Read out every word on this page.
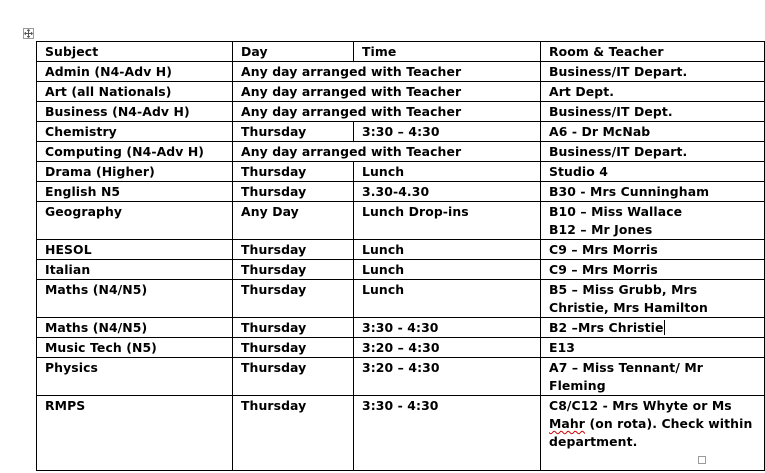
Subject	Day	Time	Room & Teacher
Admin (N4-Adv H)	Any day arranged with Teacher		Business/IT Depart.
Art (all Nationals)	Any day arranged with Teacher		Art Dept.
Business (N4-Adv H)	Any day arranged with Teacher		Business/IT Dept.
Chemistry	Thursday	3:30 – 4:30	A6 - Dr McNab
Computing (N4-Adv H)	Any day arranged with Teacher		Business/IT Depart.
Drama (Higher)	Thursday	Lunch	Studio 4
English N5	Thursday	3.30-4.30	B30 - Mrs Cunningham
Geography	Any Day	Lunch Drop-ins	B10 – Miss Wallace
B12 – Mr Jones
HESOL	Thursday	Lunch	C9 – Mrs Morris
Italian	Thursday	Lunch	C9 – Mrs Morris
Maths (N4/N5)	Thursday	Lunch	B5 – Miss Grubb, Mrs Christie, Mrs Hamilton
Maths (N4/N5)	Thursday	3:30 - 4:30	B2 –Mrs Christie
Music Tech (N5)	Thursday	3:20 – 4:30	E13
Physics	Thursday	3:20 – 4:30	A7 – Miss Tennant/ Mr Fleming
RMPS	Thursday	3:30 - 4:30	C8/C12 - Mrs Whyte or Ms Mahr (on rota). Check within department.
